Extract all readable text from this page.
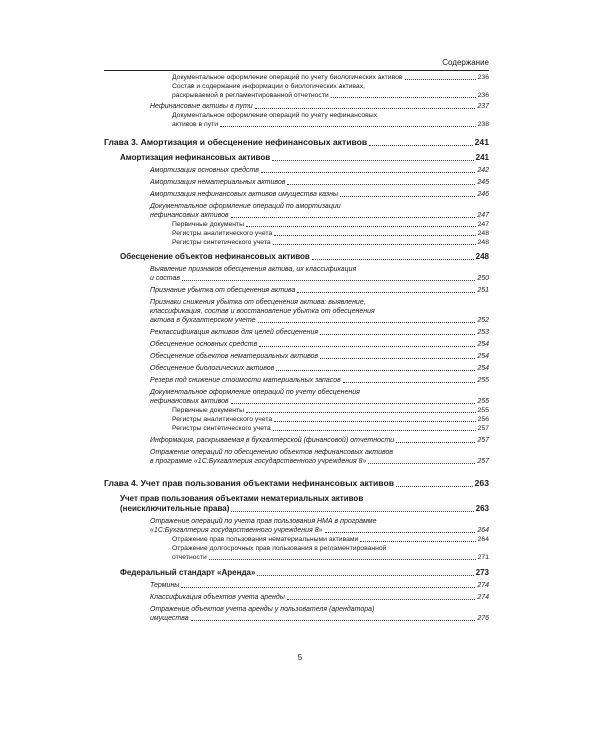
Содержание
Документальное оформление операций по учету биологических активов	236
Состав и содержание информации о биологических активах,
раскрываемой в регламентированной отчетности	236
Нефинансовые активы в пути	237
Документальное оформление операций по учету нефинансовых
активов в пути	238
Глава 3. Амортизация и обесценение нефинансовых активов	241
Амортизация нефинансовых активов	241
Амортизация основных средств	242
Амортизация нематериальных активов	245
Амортизация нефинансовых активов имущества казны	246
Документальное оформление операций по амортизации
нефинансовых активов	247
Первичные документы	247
Регистры аналитического учета	248
Регистры синтетического учета	248
Обесценение объектов нефинансовых активов	248
Выявление признаков обесценения актива, их классификация
и состав	250
Признание убытка от обесценения актива	251
Признаки снижения убытка от обесценения актива: выявление,
классификация, состав и восстановление убытка от обесценения
актива в бухгалтерском учете	252
Реклассификация активов для целей обесценения	253
Обесценение основных средств	254
Обесценение объектов нематериальных активов	254
Обесценение биологических активов	254
Резерв под снижение стоимости материальных запасов	255
Документальное оформление операций по учету обесценения
нефинансовых активов	255
Первичные документы	255
Регистры аналитического учета	256
Регистры синтетического учета	257
Информация, раскрываемая в бухгалтерской (финансовой) отчетности	257
Отражение операций по обесценению объектов нефинансовых активов
в программе «1С:Бухгалтерия государственного учреждения 8»	257
Глава 4. Учет прав пользования объектами нефинансовых активов	263
Учет прав пользования объектами нематериальных активов
(неисключительные права)	263
Отражение операций по учета прав пользования НМА в программе
«1С:Бухгалтерия государственного учреждения 8»	264
Отражение прав пользования нематериальными активами	264
Отражение долгосрочных прав пользования в регламентированной
отчетности	271
Федеральный стандарт «Аренда»	273
Термины	274
Классификация объектов учета аренды	274
Отражение объектов учета аренды у пользователя (арендатора)
имущества	276
5
